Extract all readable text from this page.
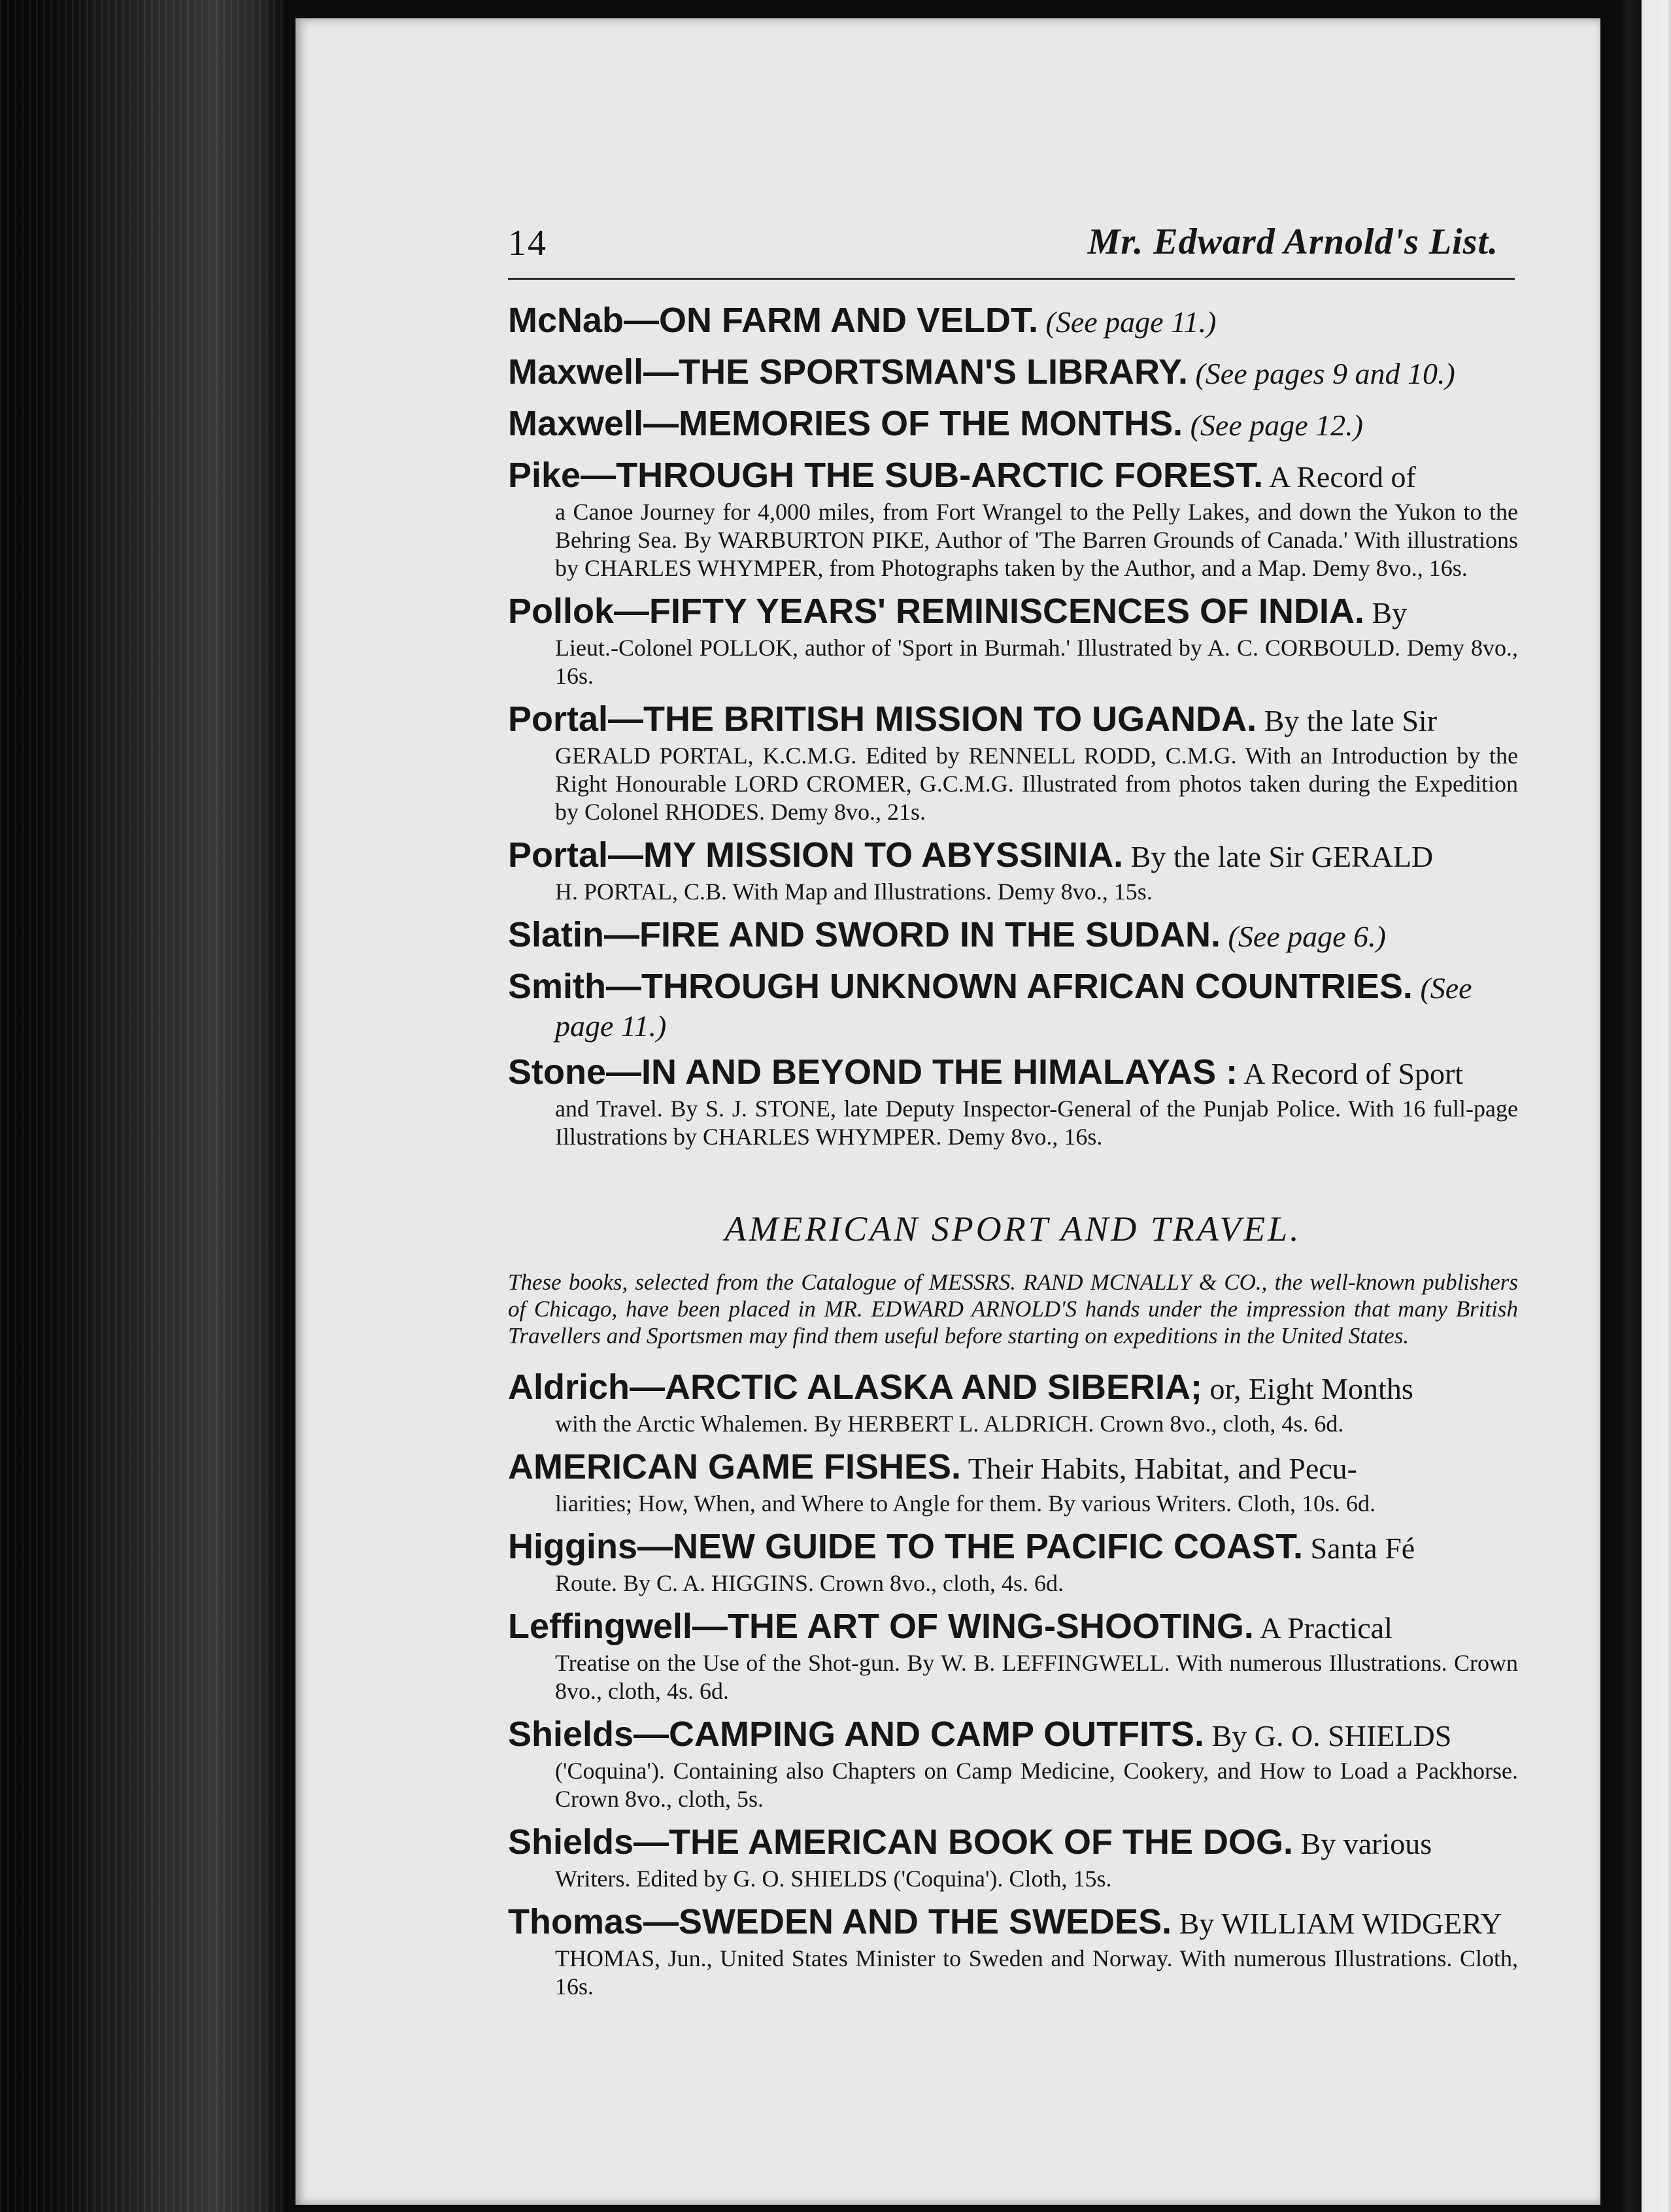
14	Mr. Edward Arnold's List.
McNab—ON FARM AND VELDT. (See page 11.)
Maxwell—THE SPORTSMAN'S LIBRARY. (See pages 9 and 10.)
Maxwell—MEMORIES OF THE MONTHS. (See page 12.)
Pike—THROUGH THE SUB-ARCTIC FOREST. A Record of
a Canoe Journey for 4,000 miles, from Fort Wrangel to the Pelly Lakes, and down the Yukon to the Behring Sea. By WARBURTON PIKE, Author of 'The Barren Grounds of Canada.' With illustrations by CHARLES WHYMPER, from Photographs taken by the Author, and a Map. Demy 8vo., 16s.
Pollok—FIFTY YEARS' REMINISCENCES OF INDIA. By
Lieut.-Colonel POLLOK, author of 'Sport in Burmah.' Illustrated by A. C. CORBOULD. Demy 8vo., 16s.
Portal—THE BRITISH MISSION TO UGANDA. By the late Sir
GERALD PORTAL, K.C.M.G. Edited by RENNELL RODD, C.M.G. With an Introduction by the Right Honourable LORD CROMER, G.C.M.G. Illustrated from photos taken during the Expedition by Colonel RHODES. Demy 8vo., 21s.
Portal—MY MISSION TO ABYSSINIA. By the late Sir GERALD
H. PORTAL, C.B. With Map and Illustrations. Demy 8vo., 15s.
Slatin—FIRE AND SWORD IN THE SUDAN. (See page 6.)
Smith—THROUGH UNKNOWN AFRICAN COUNTRIES. (See
page 11.)
Stone—IN AND BEYOND THE HIMALAYAS : A Record of Sport
and Travel. By S. J. STONE, late Deputy Inspector-General of the Punjab Police. With 16 full-page Illustrations by CHARLES WHYMPER. Demy 8vo., 16s.
AMERICAN SPORT AND TRAVEL.
These books, selected from the Catalogue of MESSRS. RAND MCNALLY & CO., the well-known publishers of Chicago, have been placed in MR. EDWARD ARNOLD'S hands under the impression that many British Travellers and Sportsmen may find them useful before starting on expeditions in the United States.
Aldrich—ARCTIC ALASKA AND SIBERIA; or, Eight Months
with the Arctic Whalemen. By HERBERT L. ALDRICH. Crown 8vo., cloth, 4s. 6d.
AMERICAN GAME FISHES. Their Habits, Habitat, and Pecu-
liarities; How, When, and Where to Angle for them. By various Writers. Cloth, 10s. 6d.
Higgins—NEW GUIDE TO THE PACIFIC COAST. Santa Fé
Route. By C. A. HIGGINS. Crown 8vo., cloth, 4s. 6d.
Leffingwell—THE ART OF WING-SHOOTING. A Practical
Treatise on the Use of the Shot-gun. By W. B. LEFFINGWELL. With numerous Illustrations. Crown 8vo., cloth, 4s. 6d.
Shields—CAMPING AND CAMP OUTFITS. By G. O. SHIELDS
('Coquina'). Containing also Chapters on Camp Medicine, Cookery, and How to Load a Packhorse. Crown 8vo., cloth, 5s.
Shields—THE AMERICAN BOOK OF THE DOG. By various
Writers. Edited by G. O. SHIELDS ('Coquina'). Cloth, 15s.
Thomas—SWEDEN AND THE SWEDES. By WILLIAM WIDGERY
THOMAS, Jun., United States Minister to Sweden and Norway. With numerous Illustrations. Cloth, 16s.
